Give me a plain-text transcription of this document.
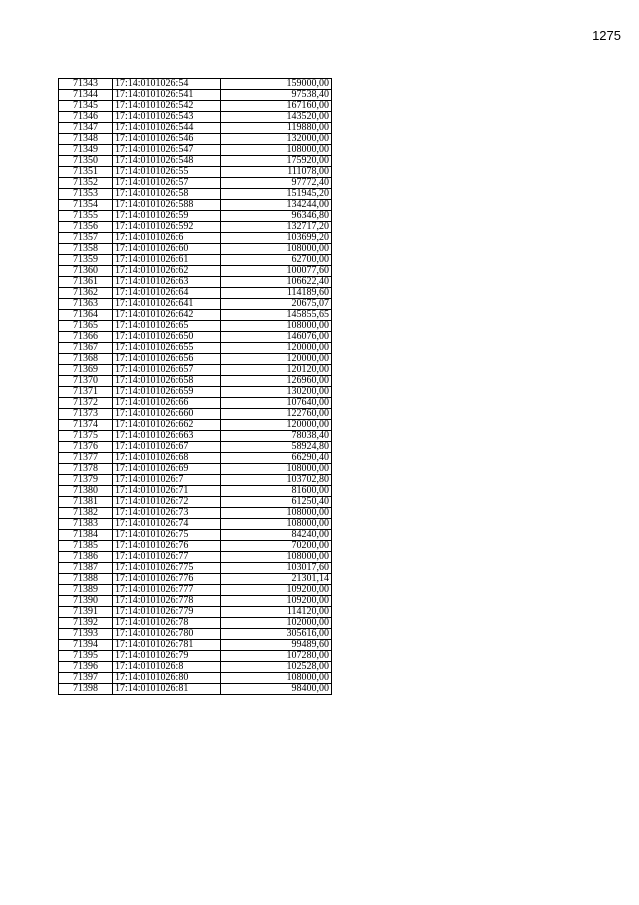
1275
71343	17:14:0101026:54	159000,00
71344	17:14:0101026:541	97538,40
71345	17:14:0101026:542	167160,00
71346	17:14:0101026:543	143520,00
71347	17:14:0101026:544	119880,00
71348	17:14:0101026:546	132000,00
71349	17:14:0101026:547	108000,00
71350	17:14:0101026:548	175920,00
71351	17:14:0101026:55	111078,00
71352	17:14:0101026:57	97772,40
71353	17:14:0101026:58	151945,20
71354	17:14:0101026:588	134244,00
71355	17:14:0101026:59	96346,80
71356	17:14:0101026:592	132717,20
71357	17:14:0101026:6	103699,20
71358	17:14:0101026:60	108000,00
71359	17:14:0101026:61	62700,00
71360	17:14:0101026:62	100077,60
71361	17:14:0101026:63	106622,40
71362	17:14:0101026:64	114189,60
71363	17:14:0101026:641	20675,07
71364	17:14:0101026:642	145855,65
71365	17:14:0101026:65	108000,00
71366	17:14:0101026:650	146076,00
71367	17:14:0101026:655	120000,00
71368	17:14:0101026:656	120000,00
71369	17:14:0101026:657	120120,00
71370	17:14:0101026:658	126960,00
71371	17:14:0101026:659	130200,00
71372	17:14:0101026:66	107640,00
71373	17:14:0101026:660	122760,00
71374	17:14:0101026:662	120000,00
71375	17:14:0101026:663	78038,40
71376	17:14:0101026:67	58924,80
71377	17:14:0101026:68	66290,40
71378	17:14:0101026:69	108000,00
71379	17:14:0101026:7	103702,80
71380	17:14:0101026:71	81600,00
71381	17:14:0101026:72	61250,40
71382	17:14:0101026:73	108000,00
71383	17:14:0101026:74	108000,00
71384	17:14:0101026:75	84240,00
71385	17:14:0101026:76	70200,00
71386	17:14:0101026:77	108000,00
71387	17:14:0101026:775	103017,60
71388	17:14:0101026:776	21301,14
71389	17:14:0101026:777	109200,00
71390	17:14:0101026:778	109200,00
71391	17:14:0101026:779	114120,00
71392	17:14:0101026:78	102000,00
71393	17:14:0101026:780	305616,00
71394	17:14:0101026:781	99489,60
71395	17:14:0101026:79	107280,00
71396	17:14:0101026:8	102528,00
71397	17:14:0101026:80	108000,00
71398	17:14:0101026:81	98400,00
